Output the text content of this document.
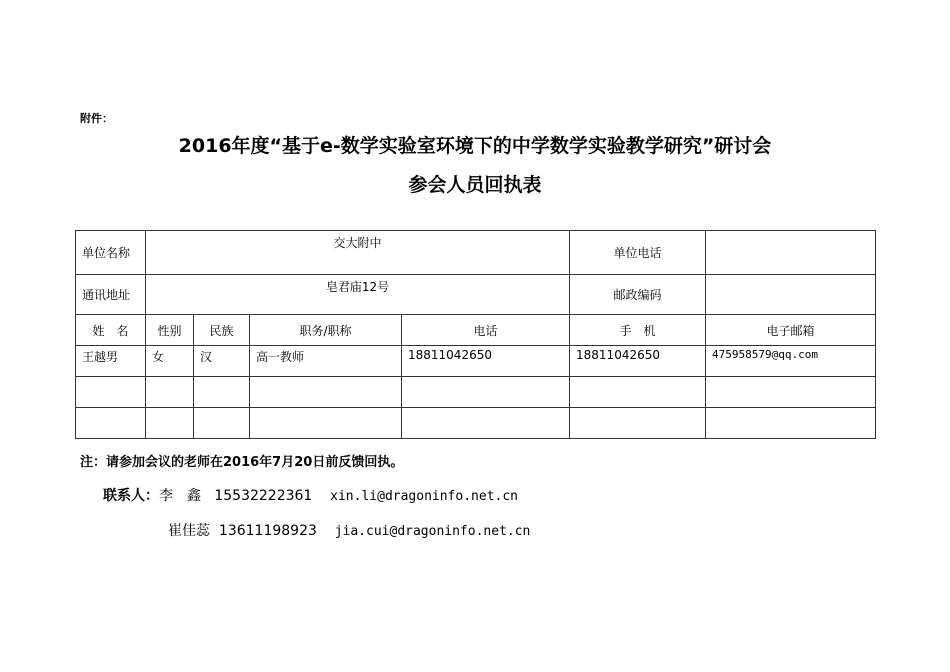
附件：
2016年度“基于e-数学实验室环境下的中学数学实验教学研究”研讨会
参会人员回执表
单位名称	交大附中				单位电话	
通讯地址	皂君庙12号				邮政编码	
姓　名	性别	民族	职务/职称	电话	手　机	电子邮箱
王越男	女	汉	高一教师	18811042650	18811042650	475958579@qq.com

注：请参加会议的老师在2016年7月20日前反馈回执。
联系人：李　鑫 15532222361 xin.li@dragoninfo.net.cn
崔佳蕊 13611198923 jia.cui@dragoninfo.net.cn
